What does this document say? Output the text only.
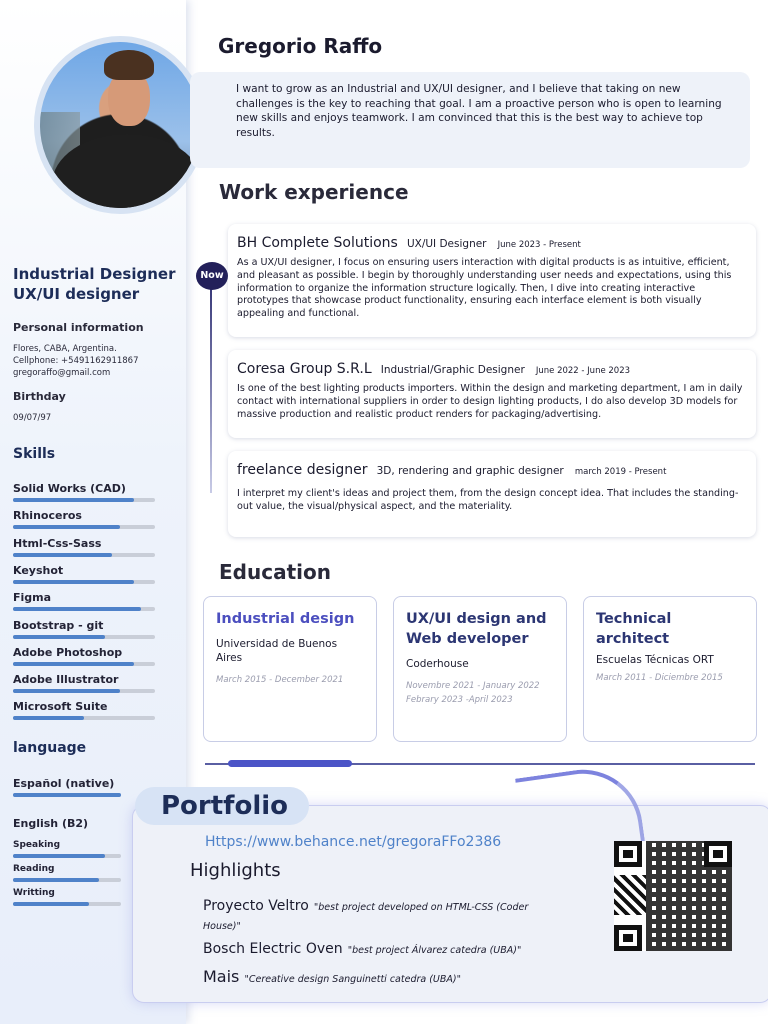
Industrial Designer
UX/UI designer
Personal information
Flores, CABA, Argentina.
Cellphone: +5491162911867
gregoraffo@gmail.com
Birthday
09/07/97
Skills
Solid Works (CAD)
Rhinoceros
Html-Css-Sass
Keyshot
Figma
Bootstrap - git
Adobe Photoshop
Adobe Illustrator
Microsoft Suite
language
Español (native)
English (B2)
Speaking
Reading
Writting
Gregorio Raffo
I want to grow as an Industrial and UX/UI designer, and I believe that taking on new challenges is the key to reaching that goal. I am a proactive person who is open to learning new skills and enjoys teamwork. I am convinced that this is the best way to achieve top results.
Work experience
Now
BH Complete Solutions UX/UI Designer June 2023 - Present
As a UX/UI designer, I focus on ensuring users interaction with digital products is as intuitive, efficient, and pleasant as possible. I begin by thoroughly understanding user needs and expectations, using this information to organize the information structure logically. Then, I dive into creating interactive prototypes that showcase product functionality, ensuring each interface element is both visually appealing and functional.
Coresa Group S.R.L Industrial/Graphic Designer June 2022 - June 2023
Is one of the best lighting products importers. Within the design and marketing department, I am in daily contact with international suppliers in order to design lighting products, I do also develop 3D models for massive production and realistic product renders for packaging/advertising.
freelance designer 3D, rendering and graphic designer march 2019 - Present
I interpret my client's ideas and project them, from the design concept idea. That includes the standing-out value, the visual/physical aspect, and the materiality.
Education
Industrial design
Universidad de Buenos Aires
March 2015 - December 2021
UX/UI design and Web developer
Coderhouse
Novembre 2021 - January 2022
Febrary 2023 -April 2023
Technical architect
Escuelas Técnicas ORT
March 2011 - Diciembre 2015
Portfolio
Https://www.behance.net/gregoraFFo2386
Highlights
Proyecto Veltro "best project developed on HTML-CSS (Coder House)"
Bosch Electric Oven "best project Álvarez catedra (UBA)"
Mais "Cereative design Sanguinetti catedra (UBA)"
